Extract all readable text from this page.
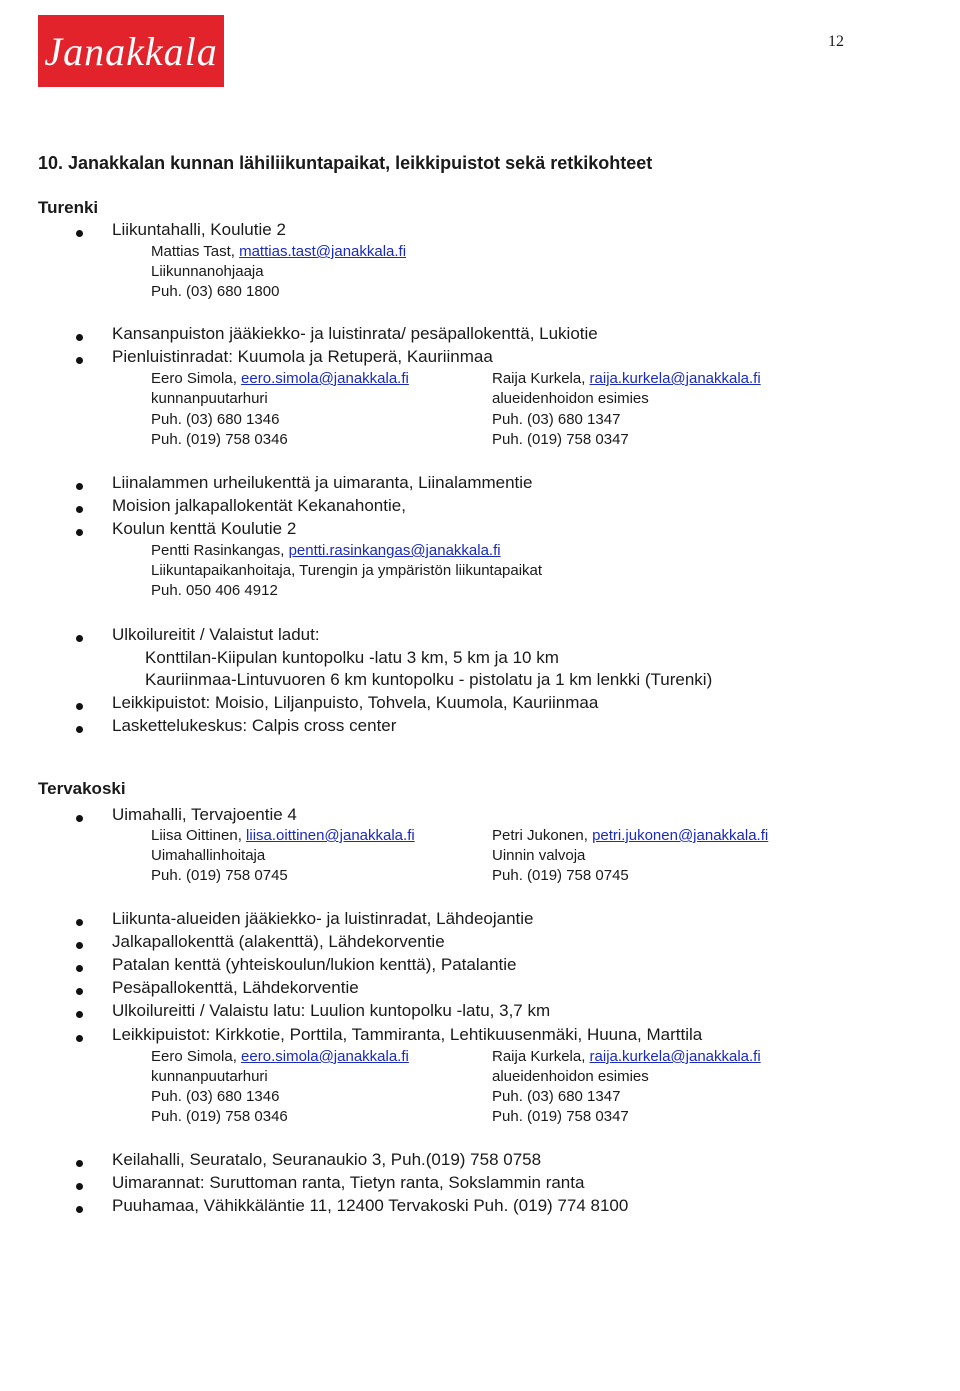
Janakkala	12
10. Janakkalan kunnan lähiliikuntapaikat, leikkipuistot sekä retkikohteet
Turenki
Liikuntahalli, Koulutie 2
Mattias Tast, mattias.tast@janakkala.fi
Liikunnanohjaaja
Puh. (03) 680 1800
Kansanpuiston jääkiekko- ja luistinrata/ pesäpallokenttä, Lukiotie
Pienluistinradat: Kuumola ja Retuperä, Kauriinmaa
Eero Simola, eero.simola@janakkala.fi	Raija Kurkela, raija.kurkela@janakkala.fi
kunnanpuutarhuri	alueidenhoidon esimies
Puh. (03) 680 1346	Puh. (03) 680 1347
Puh. (019) 758 0346	Puh. (019) 758 0347
Liinalammen urheilukenttä ja uimaranta, Liinalammentie
Moision jalkapallokentät Kekanahontie,
Koulun kenttä Koulutie 2
Pentti Rasinkangas, pentti.rasinkangas@janakkala.fi
Liikuntapaikanhoitaja, Turengin ja ympäristön liikuntapaikat
Puh. 050 406 4912
Ulkoilureitit / Valaistut ladut:
Konttilan-Kiipulan kuntopolku -latu 3 km, 5 km ja 10 km
Kauriinmaa-Lintuvuoren 6 km kuntopolku - pistolatu ja 1 km lenkki (Turenki)
Leikkipuistot: Moisio, Liljanpuisto, Tohvela, Kuumola, Kauriinmaa
Laskettelukeskus: Calpis cross center
Tervakoski
Uimahalli, Tervajoentie 4
Liisa Oittinen, liisa.oittinen@janakkala.fi	Petri Jukonen, petri.jukonen@janakkala.fi
Uimahallinhoitaja	Uinnin valvoja
Puh. (019) 758 0745	Puh. (019) 758 0745
Liikunta-alueiden jääkiekko- ja luistinradat, Lähdeojantie
Jalkapallokenttä (alakenttä), Lähdekorventie
Patalan kenttä (yhteiskoulun/lukion kenttä), Patalantie
Pesäpallokenttä, Lähdekorventie
Ulkoilureitti / Valaistu latu: Luulion kuntopolku -latu, 3,7 km
Leikkipuistot: Kirkkotie, Porttila, Tammiranta, Lehtikuusenmäki, Huuna, Marttila
Eero Simola, eero.simola@janakkala.fi	Raija Kurkela, raija.kurkela@janakkala.fi
kunnanpuutarhuri	alueidenhoidon esimies
Puh. (03) 680 1346	Puh. (03) 680 1347
Puh. (019) 758 0346	Puh. (019) 758 0347
Keilahalli, Seuratalo, Seuranaukio 3, Puh.(019) 758 0758
Uimarannat: Suruttoman ranta, Tietyn ranta, Sokslammin ranta
Puuhamaa, Vähikkäläntie 11, 12400 Tervakoski Puh. (019) 774 8100
